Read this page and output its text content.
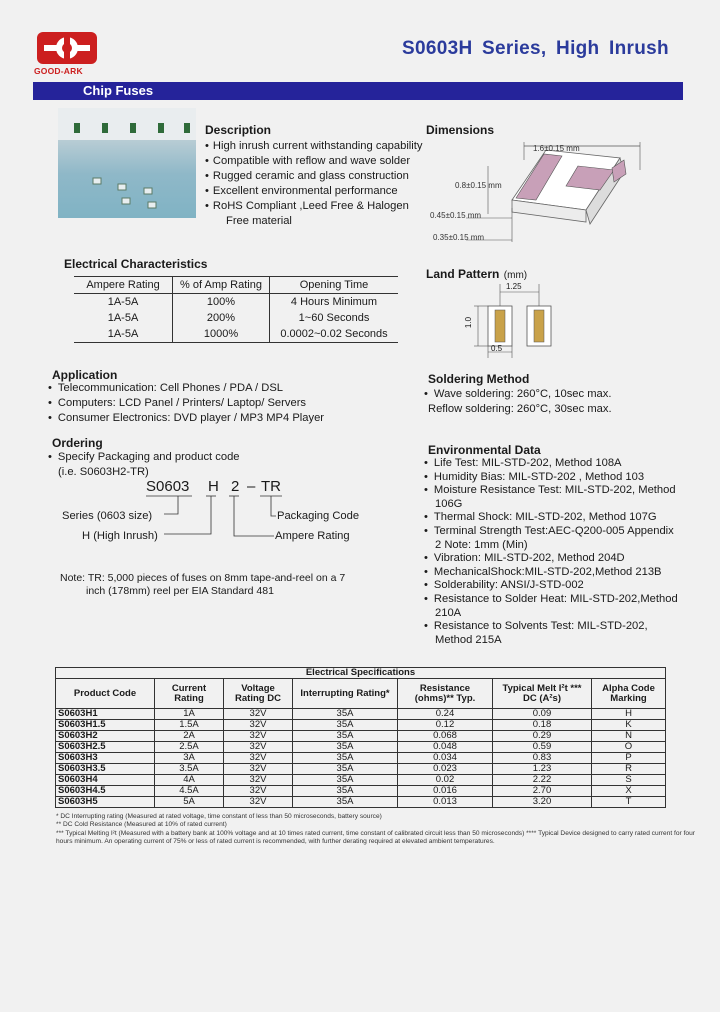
GOOD-ARK
S0603H Series, High Inrush
Chip Fuses
Description
• High inrush current withstanding capability
• Compatible with reflow and wave solder
• Rugged ceramic and glass construction
• Excellent environmental performance
• RoHS Compliant ,Leed Free & Halogen
Free material
Dimensions
1.6±0.15 mm
0.8±0.15 mm
0.45±0.15 mm
0.35±0.15 mm
Electrical Characteristics
Ampere Rating	% of Amp Rating	Opening Time
1A-5A	100%	4 Hours Minimum
1A-5A	200%	1~60 Seconds
1A-5A	1000%	0.0002~0.02 Seconds
Land Pattern (mm)
1.25
1.0
0.5
Application
• Telecommunication: Cell Phones / PDA / DSL
• Computers: LCD Panel / Printers/ Laptop/ Servers
• Consumer Electronics: DVD player / MP3 MP4 Player
Soldering Method
• Wave soldering: 260°C, 10sec max.
Reflow soldering: 260°C, 30sec max.
Ordering
• Specify Packaging and product code
(i.e. S0603H2-TR)
S0603 H 2 – TR
Series (0603 size)
H (High Inrush)
Packaging Code
Ampere Rating
Note: TR: 5,000 pieces of fuses on 8mm tape-and-reel on a 7
inch (178mm) reel per EIA Standard 481
Environmental Data
• Life Test: MIL-STD-202, Method 108A
• Humidity Bias: MIL-STD-202 , Method 103
• Moisture Resistance Test: MIL-STD-202, Method
106G
• Thermal Shock: MIL-STD-202, Method 107G
• Terminal Strength Test:AEC-Q200-005 Appendix
2 Note: 1mm (Min)
• Vibration: MIL-STD-202, Method 204D
• MechanicalShock:MIL-STD-202,Method 213B
• Solderability: ANSI/J-STD-002
• Resistance to Solder Heat: MIL-STD-202,Method
210A
• Resistance to Solvents Test: MIL-STD-202,
Method 215A
Electrical Specifications						
Product Code	Current Rating	Voltage Rating DC	Interrupting Rating*	Resistance (ohms)** Typ.	Typical Melt I²t *** DC (A²s)	Alpha Code Marking
S0603H1	1A	32V	35A	0.24	0.09	H
S0603H1.5	1.5A	32V	35A	0.12	0.18	K
S0603H2	2A	32V	35A	0.068	0.29	N
S0603H2.5	2.5A	32V	35A	0.048	0.59	O
S0603H3	3A	32V	35A	0.034	0.83	P
S0603H3.5	3.5A	32V	35A	0.023	1.23	R
S0603H4	4A	32V	35A	0.02	2.22	S
S0603H4.5	4.5A	32V	35A	0.016	2.70	X
S0603H5	5A	32V	35A	0.013	3.20	T
* DC Interrupting rating (Measured at rated voltage, time constant of less than 50 microseconds, battery source)
** DC Cold Resistance (Measured at 10% of rated current)
*** Typical Melting I²t (Measured with a battery bank at 100% voltage and at 10 times rated current, time constant of calibrated circuit less than 50 microseconds) **** Typical Device designed to carry rated current for four hours minimum. An operating current of 75% or less of rated current is recommended, with further derating required at elevated ambient temperatures.
